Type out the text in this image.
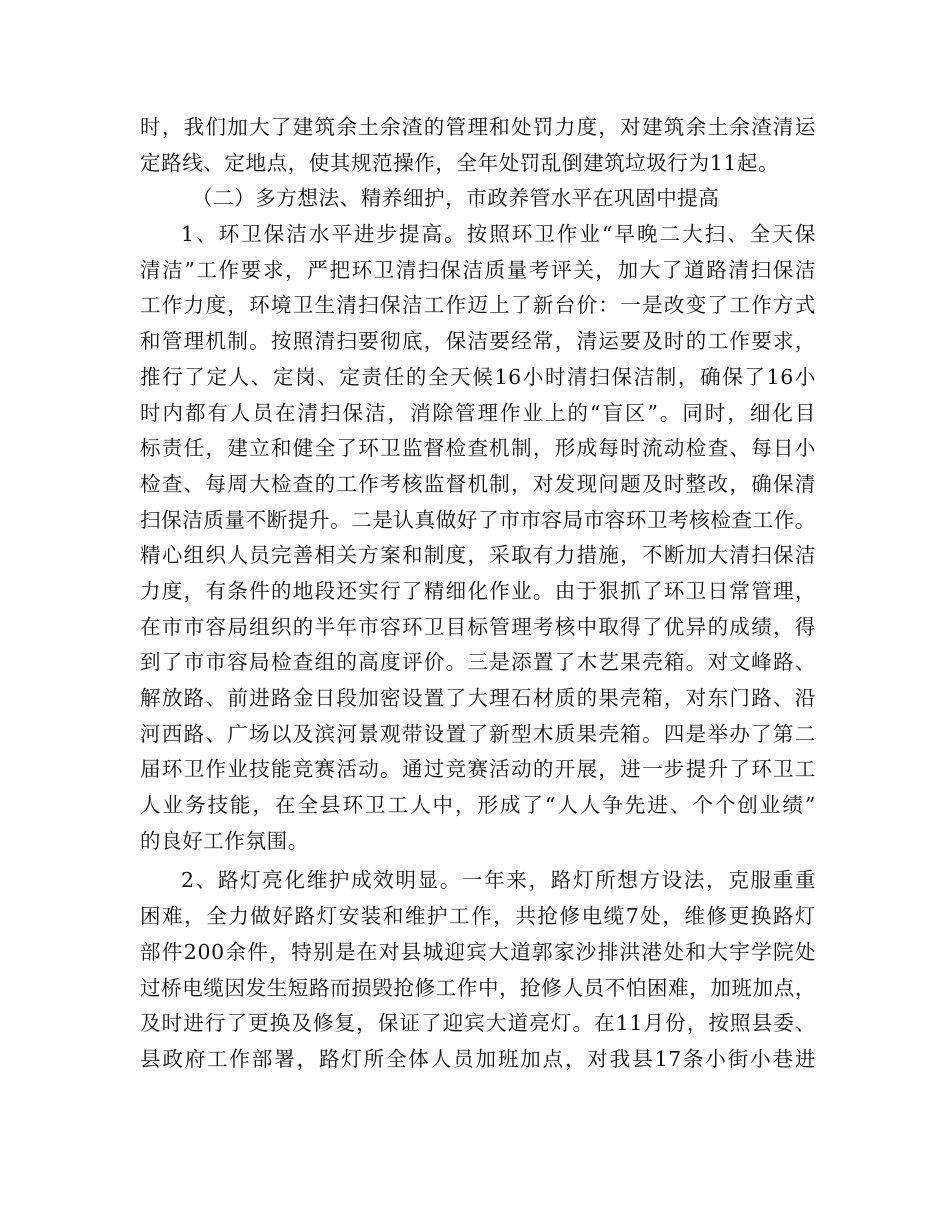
时，我们加大了建筑余土余渣的管理和处罚力度，对建筑余土余渣清运
定路线、定地点，使其规范操作，全年处罚乱倒建筑垃圾行为11起。
（二）多方想法、精养细护，市政养管水平在巩固中提高
1、环卫保洁水平进步提高。按照环卫作业“早晚二大扫、全天保
清洁”工作要求，严把环卫清扫保洁质量考评关，加大了道路清扫保洁
工作力度，环境卫生清扫保洁工作迈上了新台价：一是改变了工作方式
和管理机制。按照清扫要彻底，保洁要经常，清运要及时的工作要求，
推行了定人、定岗、定责任的全天候16小时清扫保洁制，确保了16小
时内都有人员在清扫保洁，消除管理作业上的“盲区”。同时，细化目
标责任，建立和健全了环卫监督检查机制，形成每时流动检查、每日小
检查、每周大检查的工作考核监督机制，对发现问题及时整改，确保清
扫保洁质量不断提升。二是认真做好了市市容局市容环卫考核检查工作。
精心组织人员完善相关方案和制度，采取有力措施，不断加大清扫保洁
力度，有条件的地段还实行了精细化作业。由于狠抓了环卫日常管理，
在市市容局组织的半年市容环卫目标管理考核中取得了优异的成绩，得
到了市市容局检查组的高度评价。三是添置了木艺果壳箱。对文峰路、
解放路、前进路金日段加密设置了大理石材质的果壳箱，对东门路、沿
河西路、广场以及滨河景观带设置了新型木质果壳箱。四是举办了第二
届环卫作业技能竞赛活动。通过竞赛活动的开展，进一步提升了环卫工
人业务技能，在全县环卫工人中，形成了“人人争先进、个个创业绩”
的良好工作氛围。
2、路灯亮化维护成效明显。一年来，路灯所想方设法，克服重重
困难，全力做好路灯安装和维护工作，共抢修电缆7处，维修更换路灯
部件200余件，特别是在对县城迎宾大道郭家沙排洪港处和大宇学院处
过桥电缆因发生短路而损毁抢修工作中，抢修人员不怕困难，加班加点，
及时进行了更换及修复，保证了迎宾大道亮灯。在11月份，按照县委、
县政府工作部署，路灯所全体人员加班加点，对我县17条小街小巷进
